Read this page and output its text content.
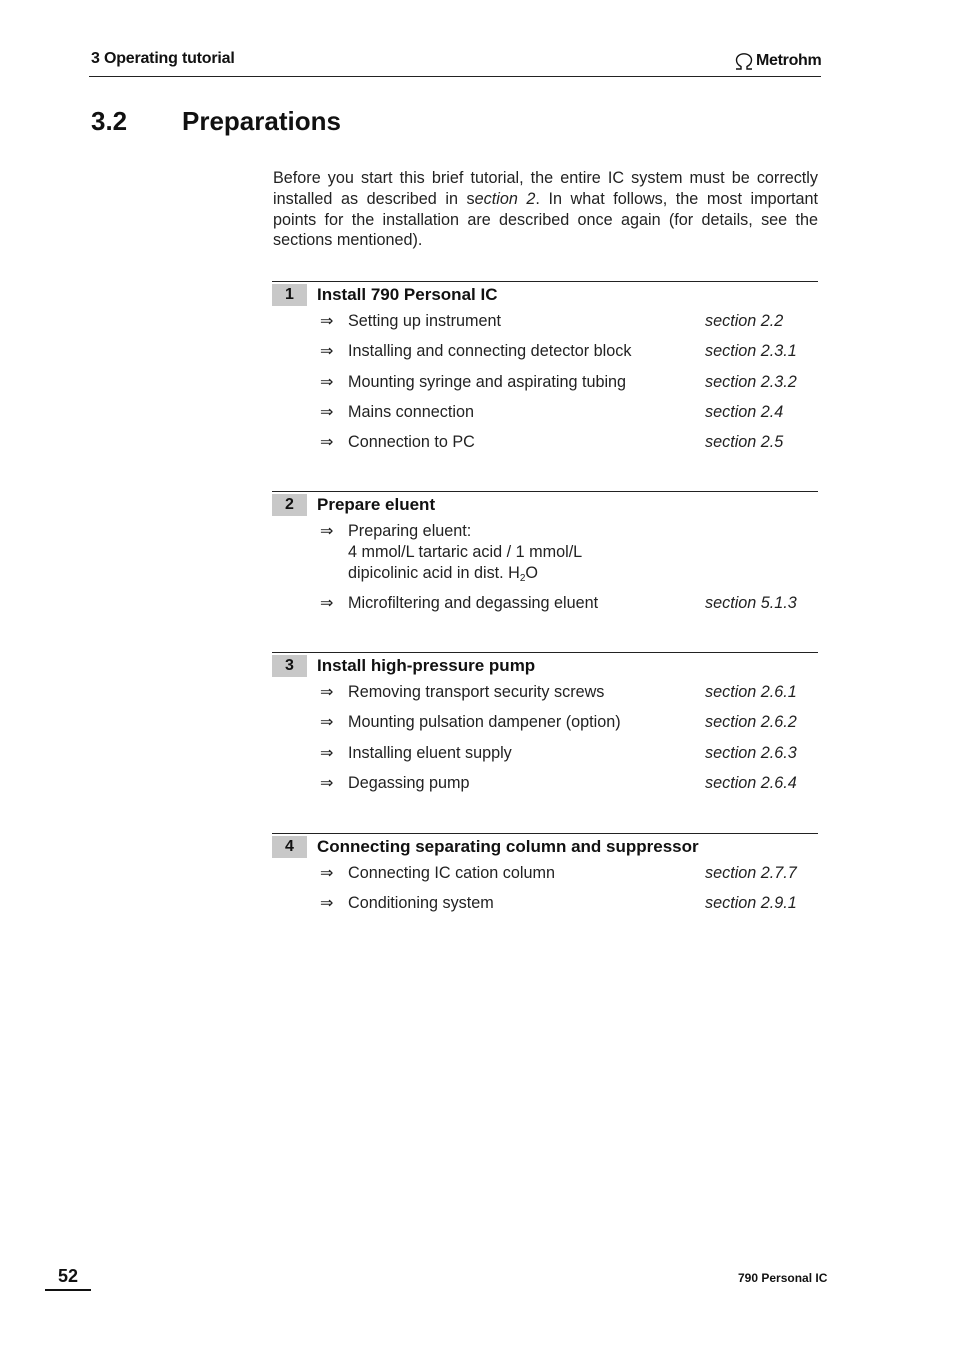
3 Operating tutorial	Metrohm
3.2 Preparations

Before you start this brief tutorial, the entire IC system must be correctly installed as described in section 2. In what follows, the most important points for the installation are described once again (for details, see the sections mentioned).

1	Install 790 Personal IC
⇒ Setting up instrument	section 2.2
⇒ Installing and connecting detector block	section 2.3.1
⇒ Mounting syringe and aspirating tubing	section 2.3.2
⇒ Mains connection	section 2.4
⇒ Connection to PC	section 2.5
2	Prepare eluent
⇒ Preparing eluent:
4 mmol/L tartaric acid / 1 mmol/L
dipicolinic acid in dist. $H_2O$
⇒ Microfiltering and degassing eluent	section 5.1.3
3	Install high-pressure pump
⇒ Removing transport security screws	section 2.6.1
⇒ Mounting pulsation dampener (option)	section 2.6.2
⇒ Installing eluent supply	section 2.6.3
⇒ Degassing pump	section 2.6.4
4	Connecting separating column and suppressor
⇒ Connecting IC cation column	section 2.7.7
⇒ Conditioning system	section 2.9.1
52	790 Personal IC
